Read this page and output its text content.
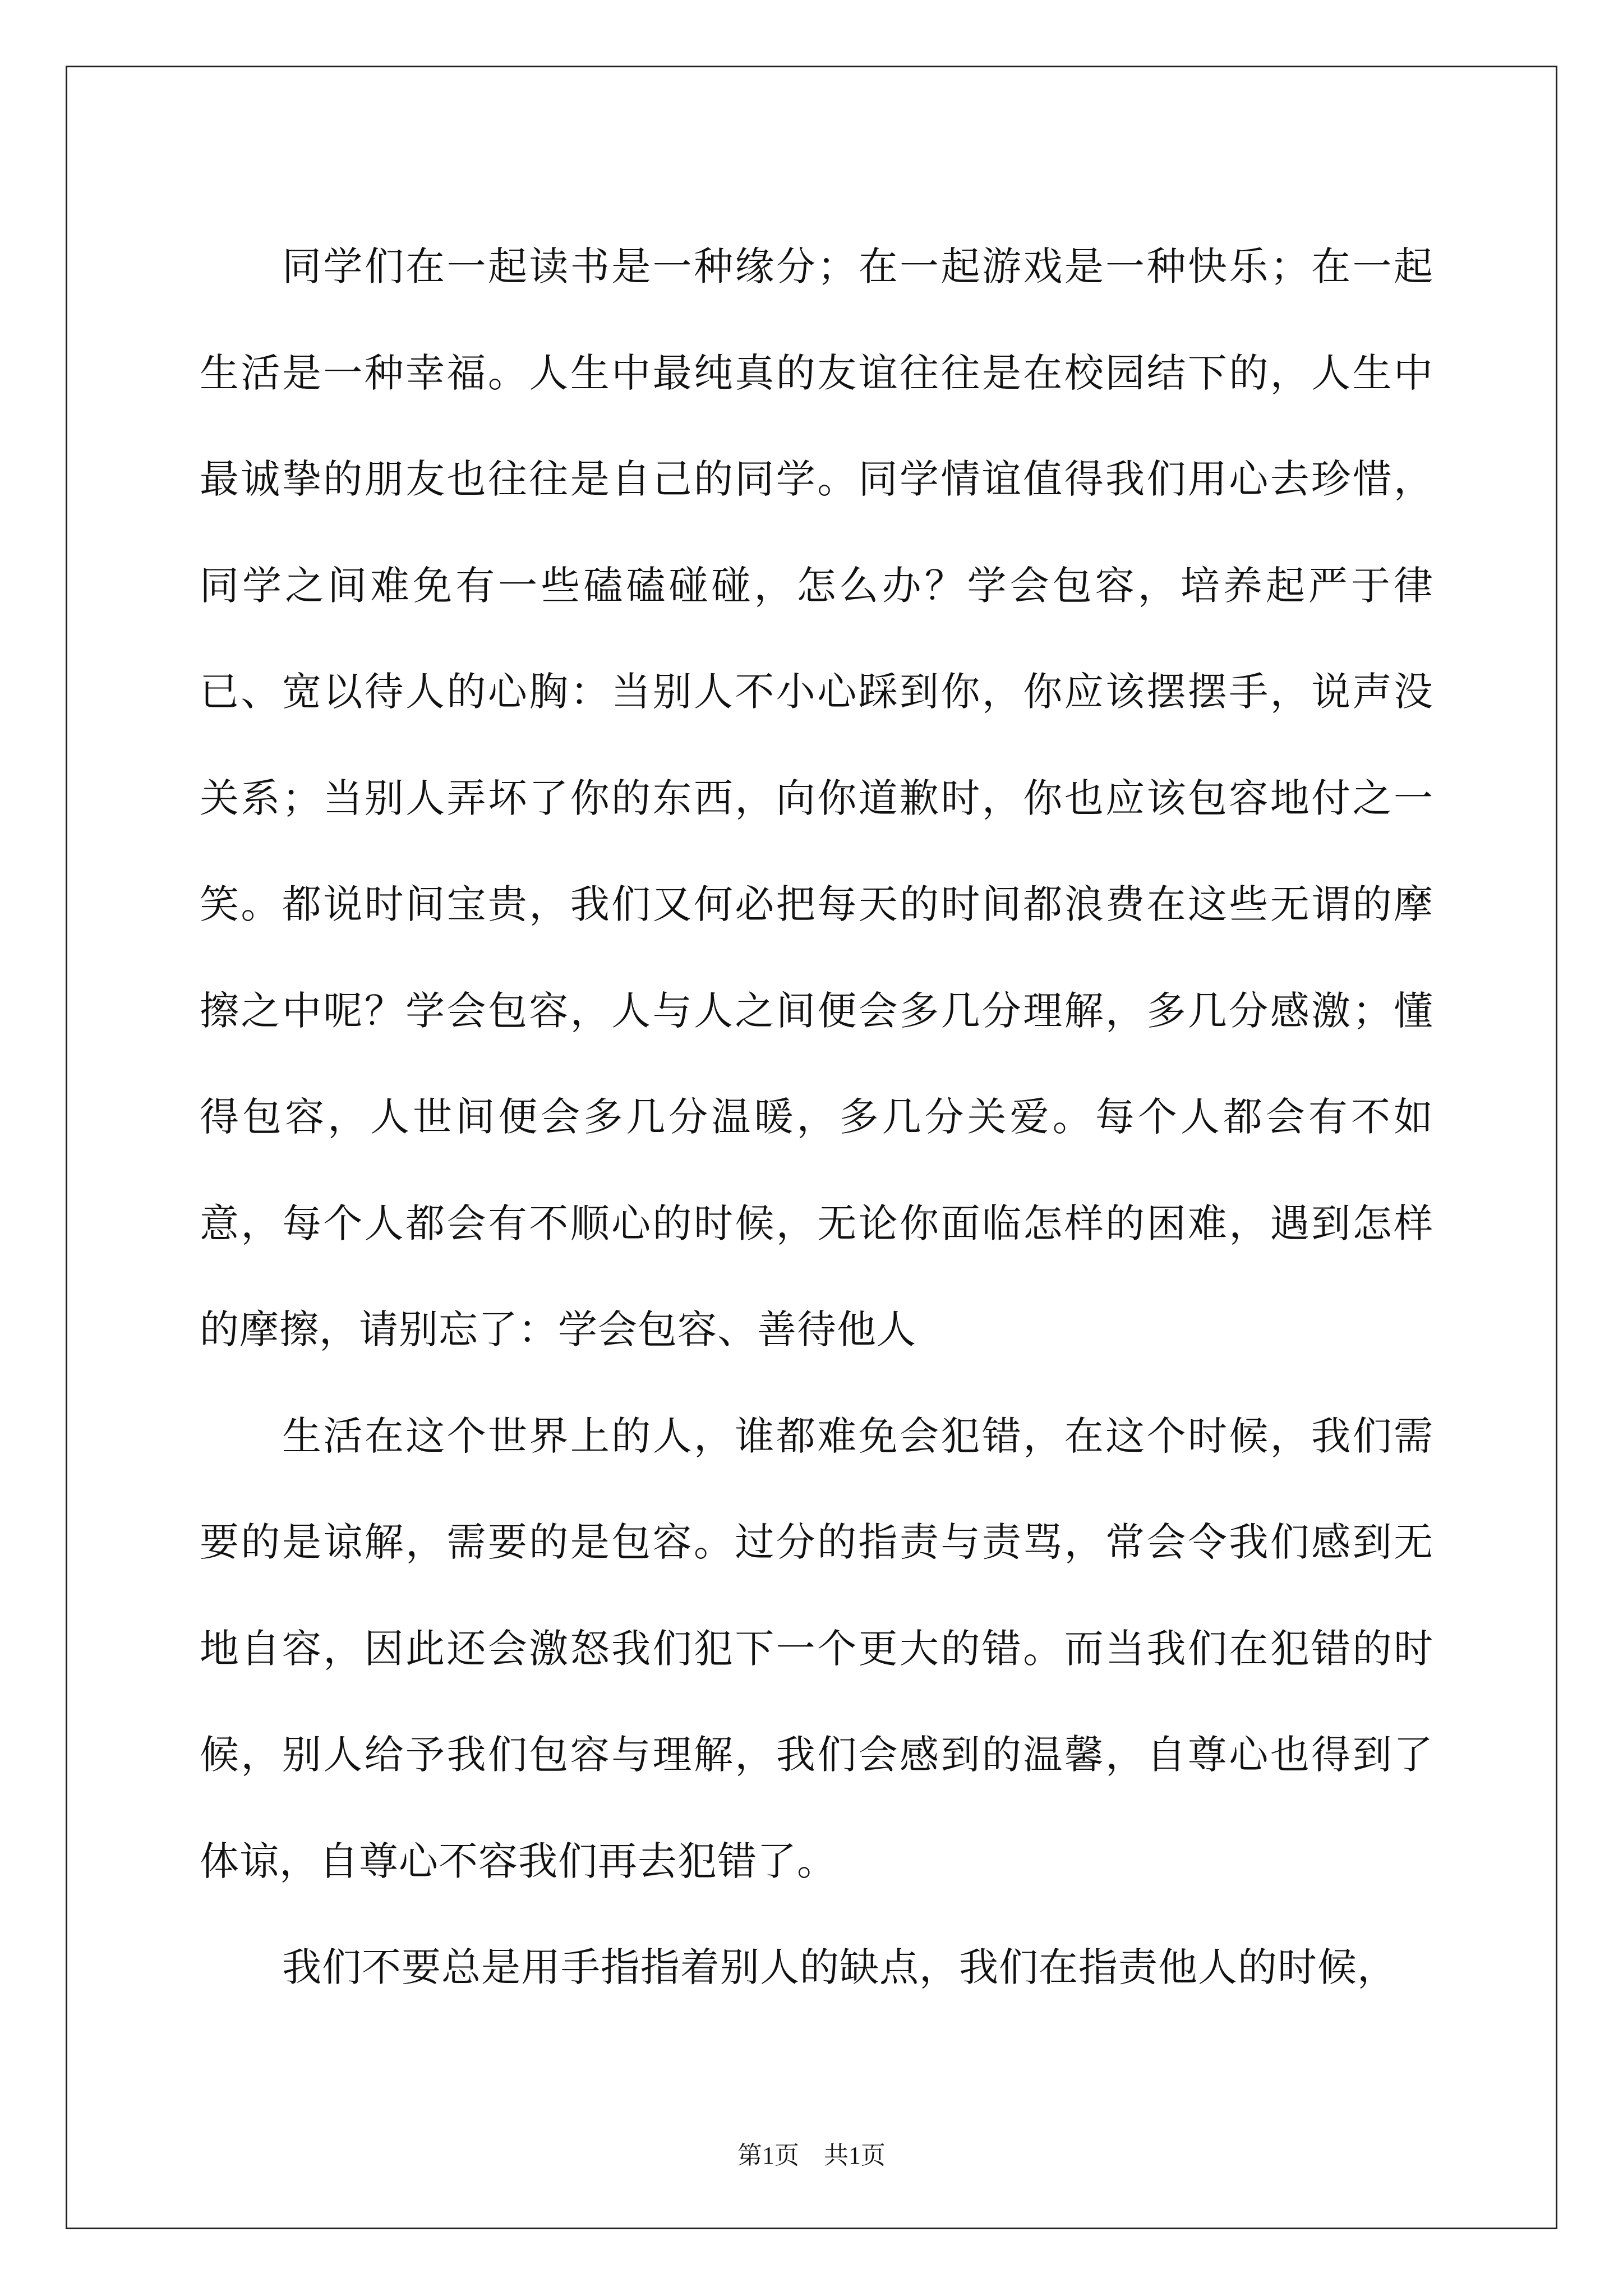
同学们在一起读书是一种缘分；在一起游戏是一种快乐；在一起生活是一种幸福。人生中最纯真的友谊往往是在校园结下的，人生中最诚挚的朋友也往往是自己的同学。同学情谊值得我们用心去珍惜，同学之间难免有一些磕磕碰碰，怎么办？学会包容，培养起严于律已、宽以待人的心胸：当别人不小心踩到你，你应该摆摆手，说声没关系；当别人弄坏了你的东西，向你道歉时，你也应该包容地付之一笑。都说时间宝贵，我们又何必把每天的时间都浪费在这些无谓的摩擦之中呢？学会包容，人与人之间便会多几分理解，多几分感激；懂得包容，人世间便会多几分温暖，多几分关爱。每个人都会有不如意，每个人都会有不顺心的时候，无论你面临怎样的困难，遇到怎样的摩擦，请别忘了：学会包容、善待他人

生活在这个世界上的人，谁都难免会犯错，在这个时候，我们需要的是谅解，需要的是包容。过分的指责与责骂，常会令我们感到无地自容，因此还会激怒我们犯下一个更大的错。而当我们在犯错的时候，别人给予我们包容与理解，我们会感到的温馨，自尊心也得到了体谅，自尊心不容我们再去犯错了。

我们不要总是用手指指着别人的缺点，我们在指责他人的时候，

第1页 共1页
